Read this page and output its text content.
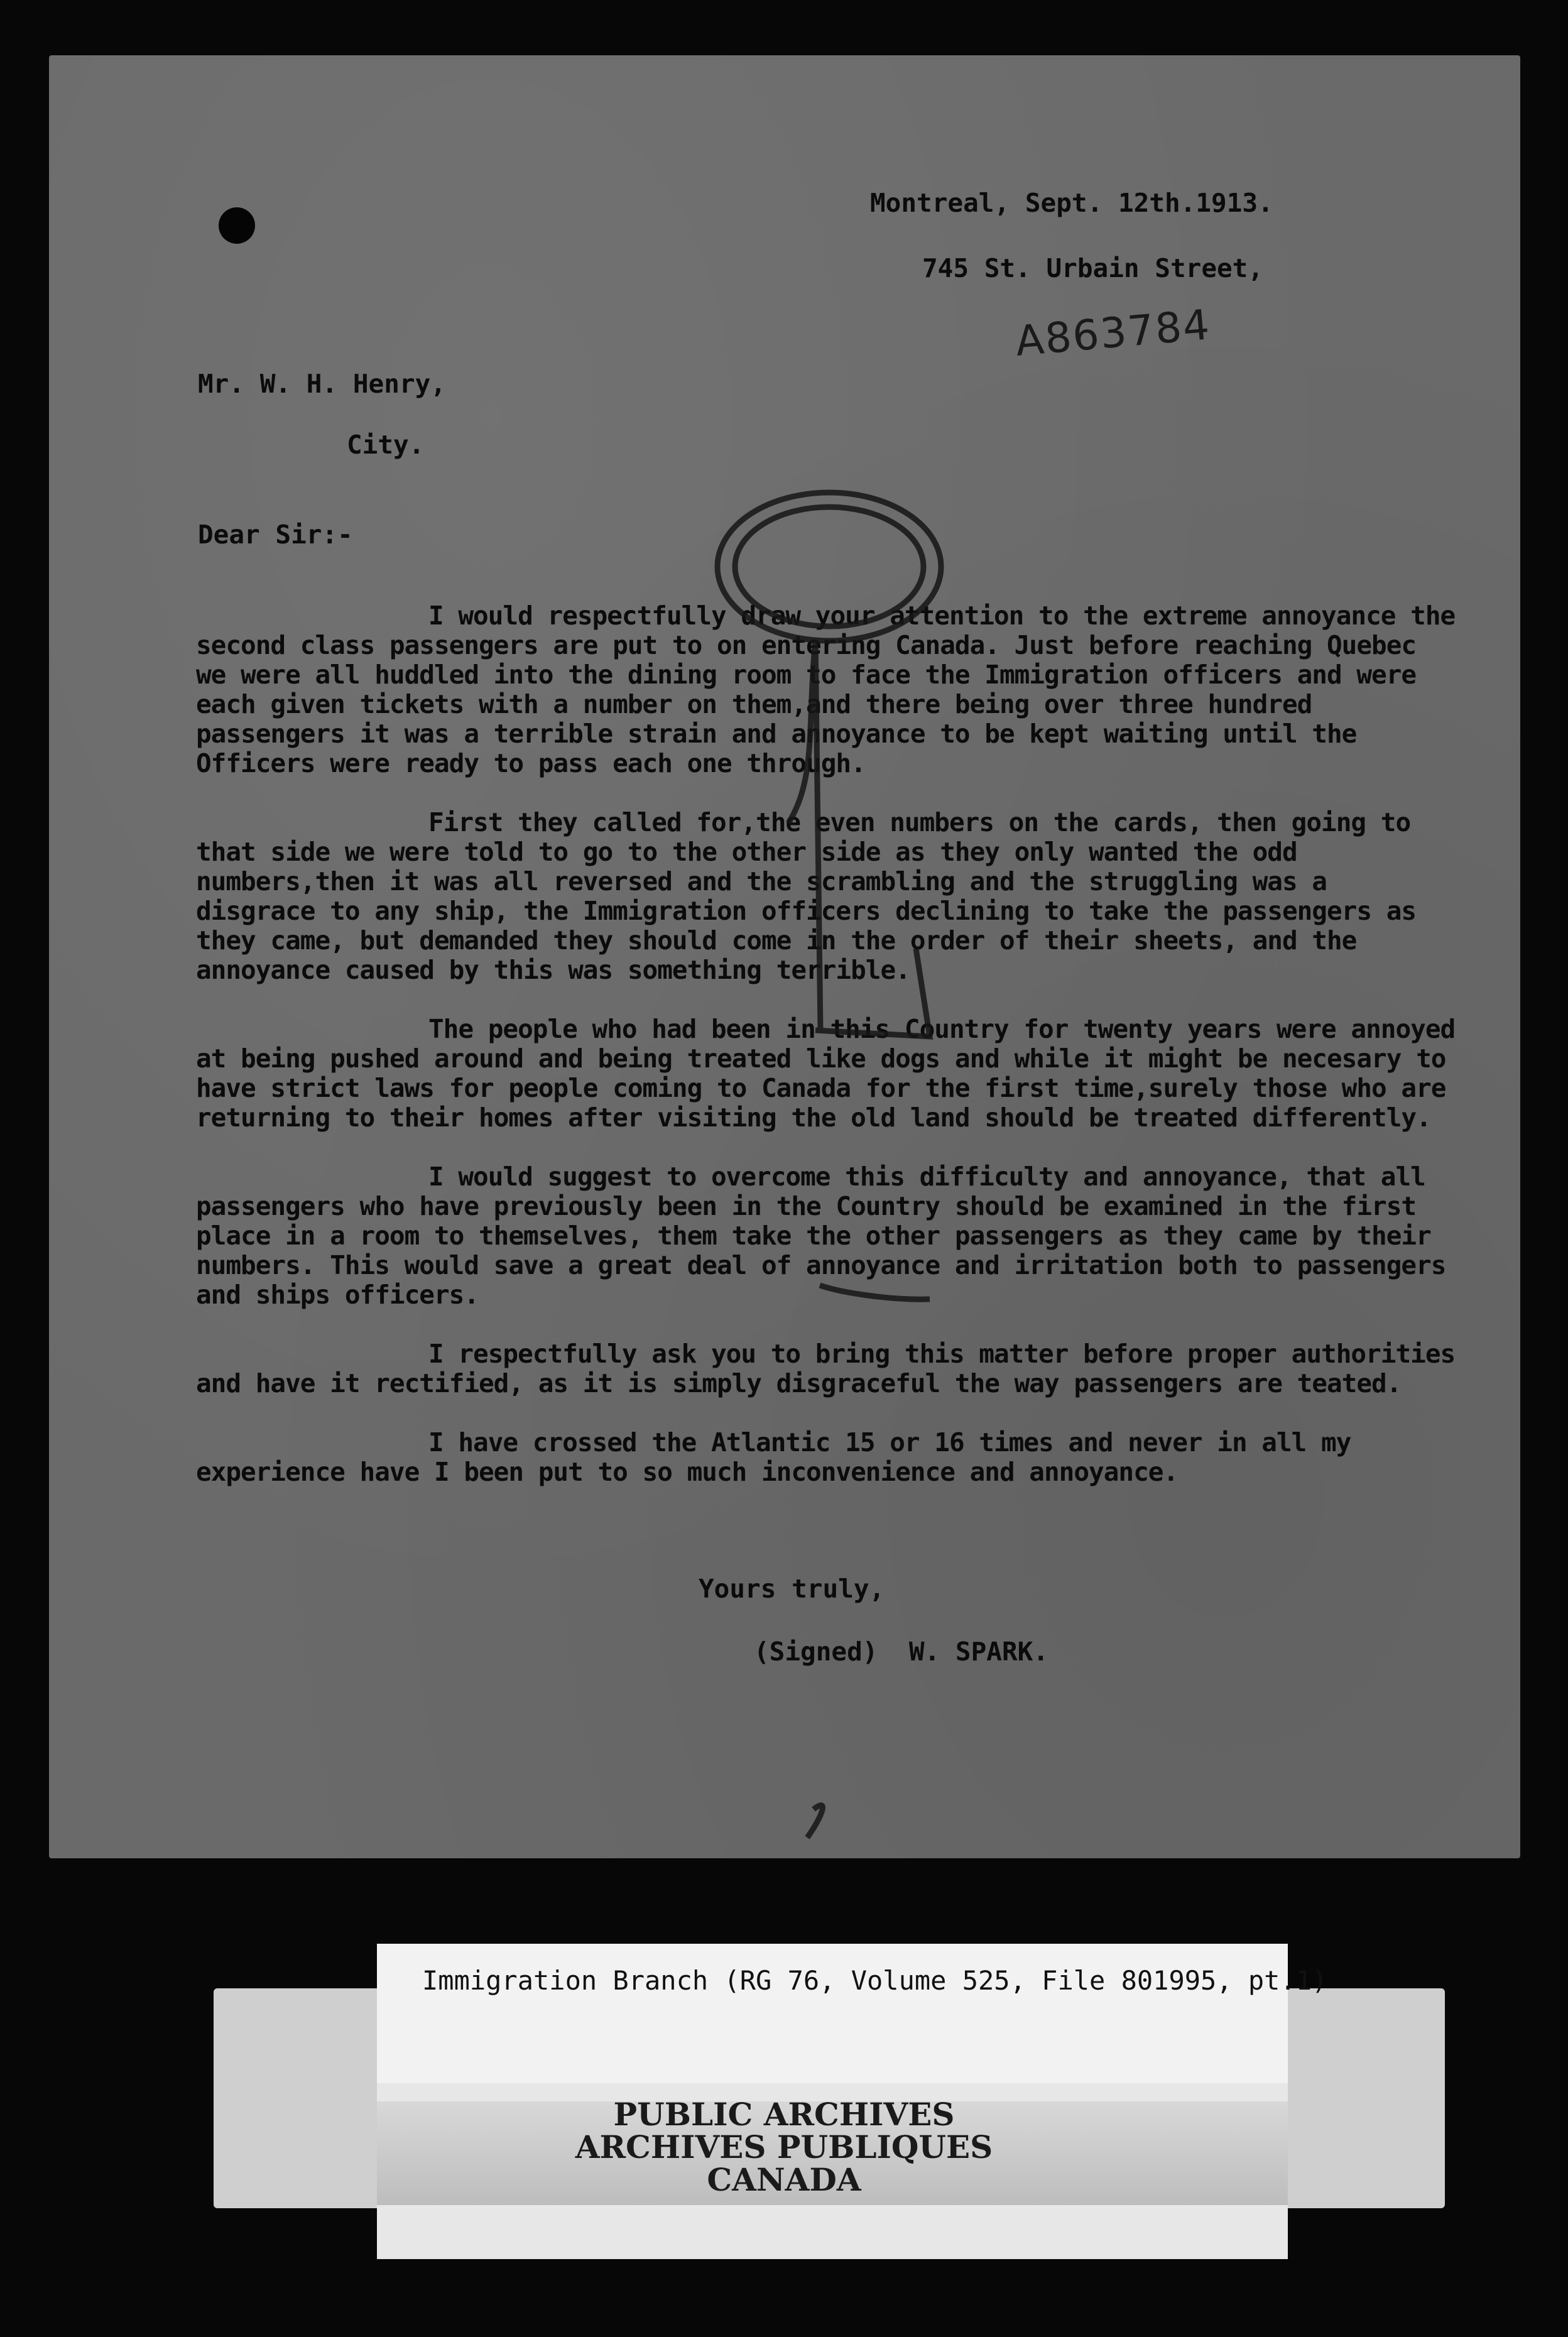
Montreal, Sept. 12th.1913.
745 St. Urbain Street,
A863784
Mr. W. H. Henry,
City.
Dear Sir:-

I would respectfully draw your attention to the extreme annoyance the second class passengers are put to on entering Canada. Just before reaching Quebec we were all huddled into the dining room to face the Immigration officers and were each given tickets with a number on them,and there being over three hundred passengers it was a terrible strain and annoyance to be kept waiting until the Officers were ready to pass each one through.

First they called for,the even numbers on the cards, then going to that side we were told to go to the other side as they only wanted the odd numbers,then it was all reversed and the scrambling and the struggling was a disgrace to any ship, the Immigration officers declining to take the passengers as they came, but demanded they should come in the order of their sheets, and the annoyance caused by this was something terrible.

The people who had been in this Country for twenty years were annoyed at being pushed around and being treated like dogs and while it might be necesary to have strict laws for people coming to Canada for the first time,surely those who are returning to their homes after visiting the old land should be treated differently.

I would suggest to overcome this difficulty and annoyance, that all passengers who have previously been in the Country should be examined in the first place in a room to themselves, them take the other passengers as they came by their numbers. This would save a great deal of annoyance and irritation both to passengers and ships officers.

I respectfully ask you to bring this matter before proper authorities and have it rectified, as it is simply disgraceful the way passengers are teated.

I have crossed the Atlantic 15 or 16 times and never in all my experience have I been put to so much inconvenience and annoyance.

Yours truly,
(Signed)  W. SPARK.
Immigration Branch (RG 76, Volume 525, File 801995, pt.1)
PUBLIC ARCHIVES
ARCHIVES PUBLIQUES
CANADA
